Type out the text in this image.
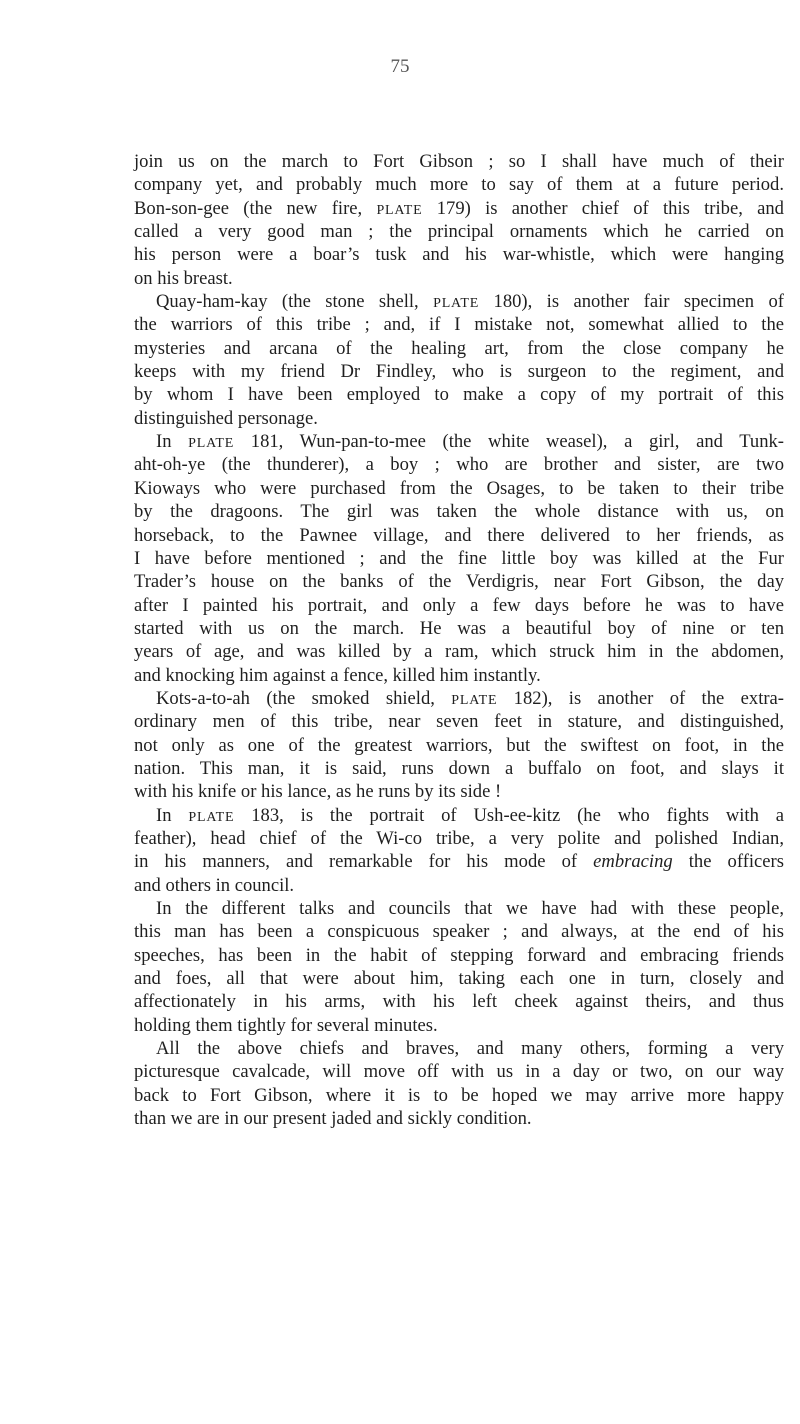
75
join us on the march to Fort Gibson ; so I shall have much of their
company yet, and probably much more to say of them at a future period.
Bon-son-gee (the new fire, PLATE 179) is another chief of this tribe, and
called a very good man ; the principal ornaments which he carried on
his person were a boar’s tusk and his war-whistle, which were hanging
on his breast.
Quay-ham-kay (the stone shell, PLATE 180), is another fair specimen of
the warriors of this tribe ; and, if I mistake not, somewhat allied to the
mysteries and arcana of the healing art, from the close company he
keeps with my friend Dr Findley, who is surgeon to the regiment, and
by whom I have been employed to make a copy of my portrait of this
distinguished personage.
In PLATE 181, Wun-pan-to-mee (the white weasel), a girl, and Tunk-
aht-oh-ye (the thunderer), a boy ; who are brother and sister, are two
Kioways who were purchased from the Osages, to be taken to their tribe
by the dragoons. The girl was taken the whole distance with us, on
horseback, to the Pawnee village, and there delivered to her friends, as
I have before mentioned ; and the fine little boy was killed at the Fur
Trader’s house on the banks of the Verdigris, near Fort Gibson, the day
after I painted his portrait, and only a few days before he was to have
started with us on the march. He was a beautiful boy of nine or ten
years of age, and was killed by a ram, which struck him in the abdomen,
and knocking him against a fence, killed him instantly.
Kots-a-to-ah (the smoked shield, PLATE 182), is another of the extra-
ordinary men of this tribe, near seven feet in stature, and distinguished,
not only as one of the greatest warriors, but the swiftest on foot, in the
nation. This man, it is said, runs down a buffalo on foot, and slays it
with his knife or his lance, as he runs by its side !
In PLATE 183, is the portrait of Ush-ee-kitz (he who fights with a
feather), head chief of the Wi-co tribe, a very polite and polished Indian,
in his manners, and remarkable for his mode of embracing the officers
and others in council.
In the different talks and councils that we have had with these people,
this man has been a conspicuous speaker ; and always, at the end of his
speeches, has been in the habit of stepping forward and embracing friends
and foes, all that were about him, taking each one in turn, closely and
affectionately in his arms, with his left cheek against theirs, and thus
holding them tightly for several minutes.
All the above chiefs and braves, and many others, forming a very
picturesque cavalcade, will move off with us in a day or two, on our way
back to Fort Gibson, where it is to be hoped we may arrive more happy
than we are in our present jaded and sickly condition.
